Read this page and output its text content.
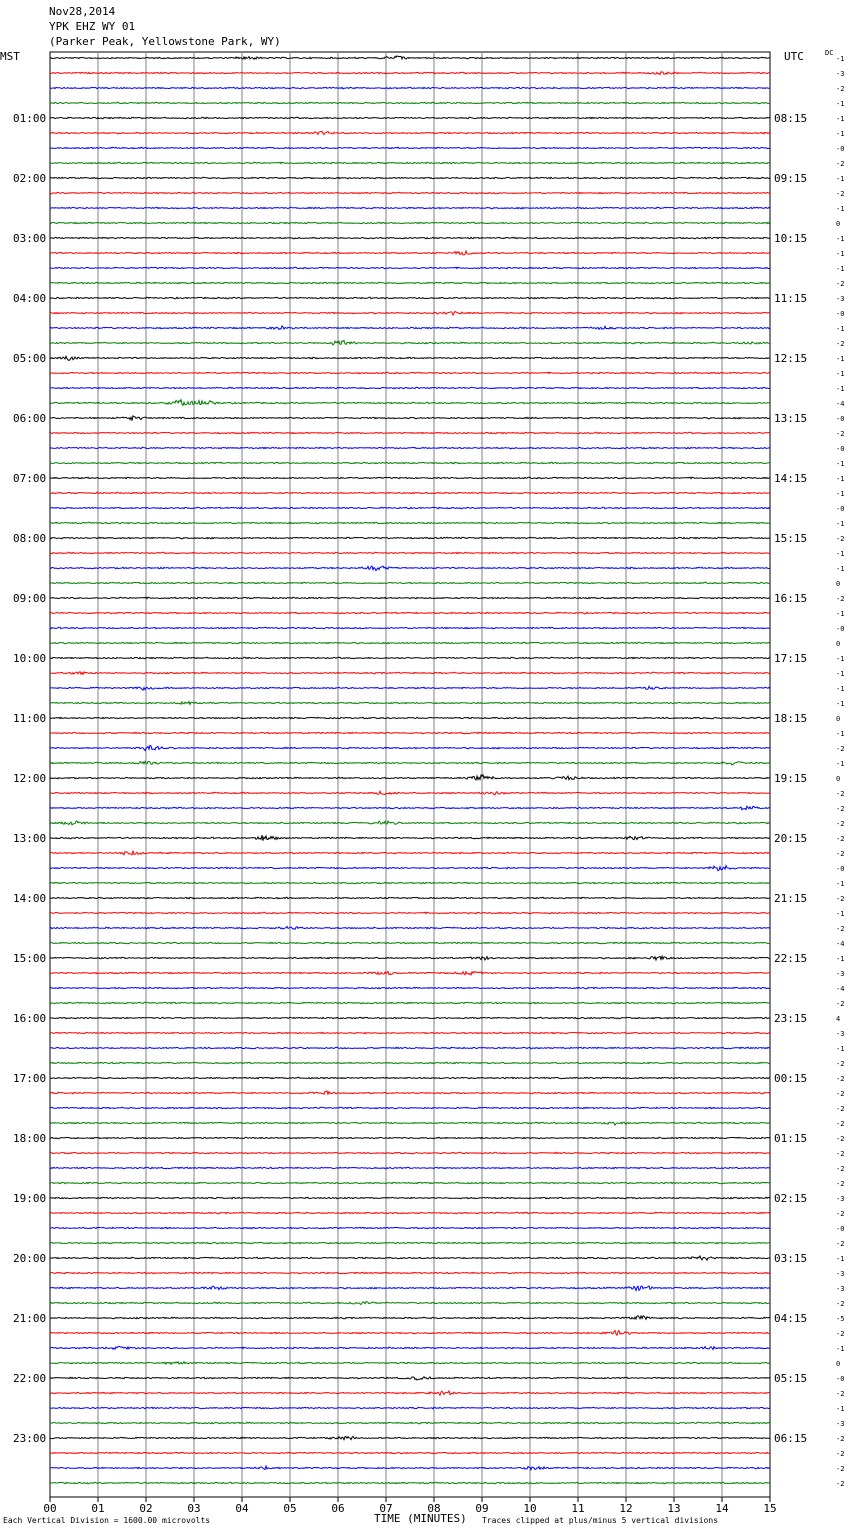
Nov28,2014
YPK EHZ WY 01
(Parker Peak, Yellowstone Park, WY)
MST	UTC	DC
-1
-3
-2
-1
-1
-1
-0
-2
-1
-2
-1
0
-1
-1
-1
-2
-3
-0
-1
-2
-1
-1
-1
-4
-0
-2
-0
-1
-1
-1
-0
-1
-2
-1
-1
0
-2
-1
-0
0
-1
-1
-1
-1
0
-1
-2
-1
0
-2
-2
-2
-2
-2
-0
-1
-2
-1
-2
-4
-1
-3
-4
-2
4
-3
-1
-2
-2
-2
-2
-2
-2
-2
-2
-2
-3
-2
-0
-2
-1
-3
-3
-2
-5
-2
-1
0
-0
-2
-1
-3
-2
-2
-2
-2
01:00
02:00
03:00
04:00
05:00
06:00
07:00
08:00
09:00
10:00
11:00
12:00
13:00
14:00
15:00
16:00
17:00
18:00
19:00
20:00
21:00
22:00
23:00
08:15
09:15
10:15
11:15
12:15
13:15
14:15
15:15
16:15
17:15
18:15
19:15
20:15
21:15
22:15
23:15
00:15
01:15
02:15
03:15
04:15
05:15
06:15
00	01	02	03	04	05	06	07	08	09	10	11	12	13	14	15
Each Vertical Division = 1600.00 microvolts	TIME (MINUTES) Traces clipped at plus/minus 5 vertical divisions
